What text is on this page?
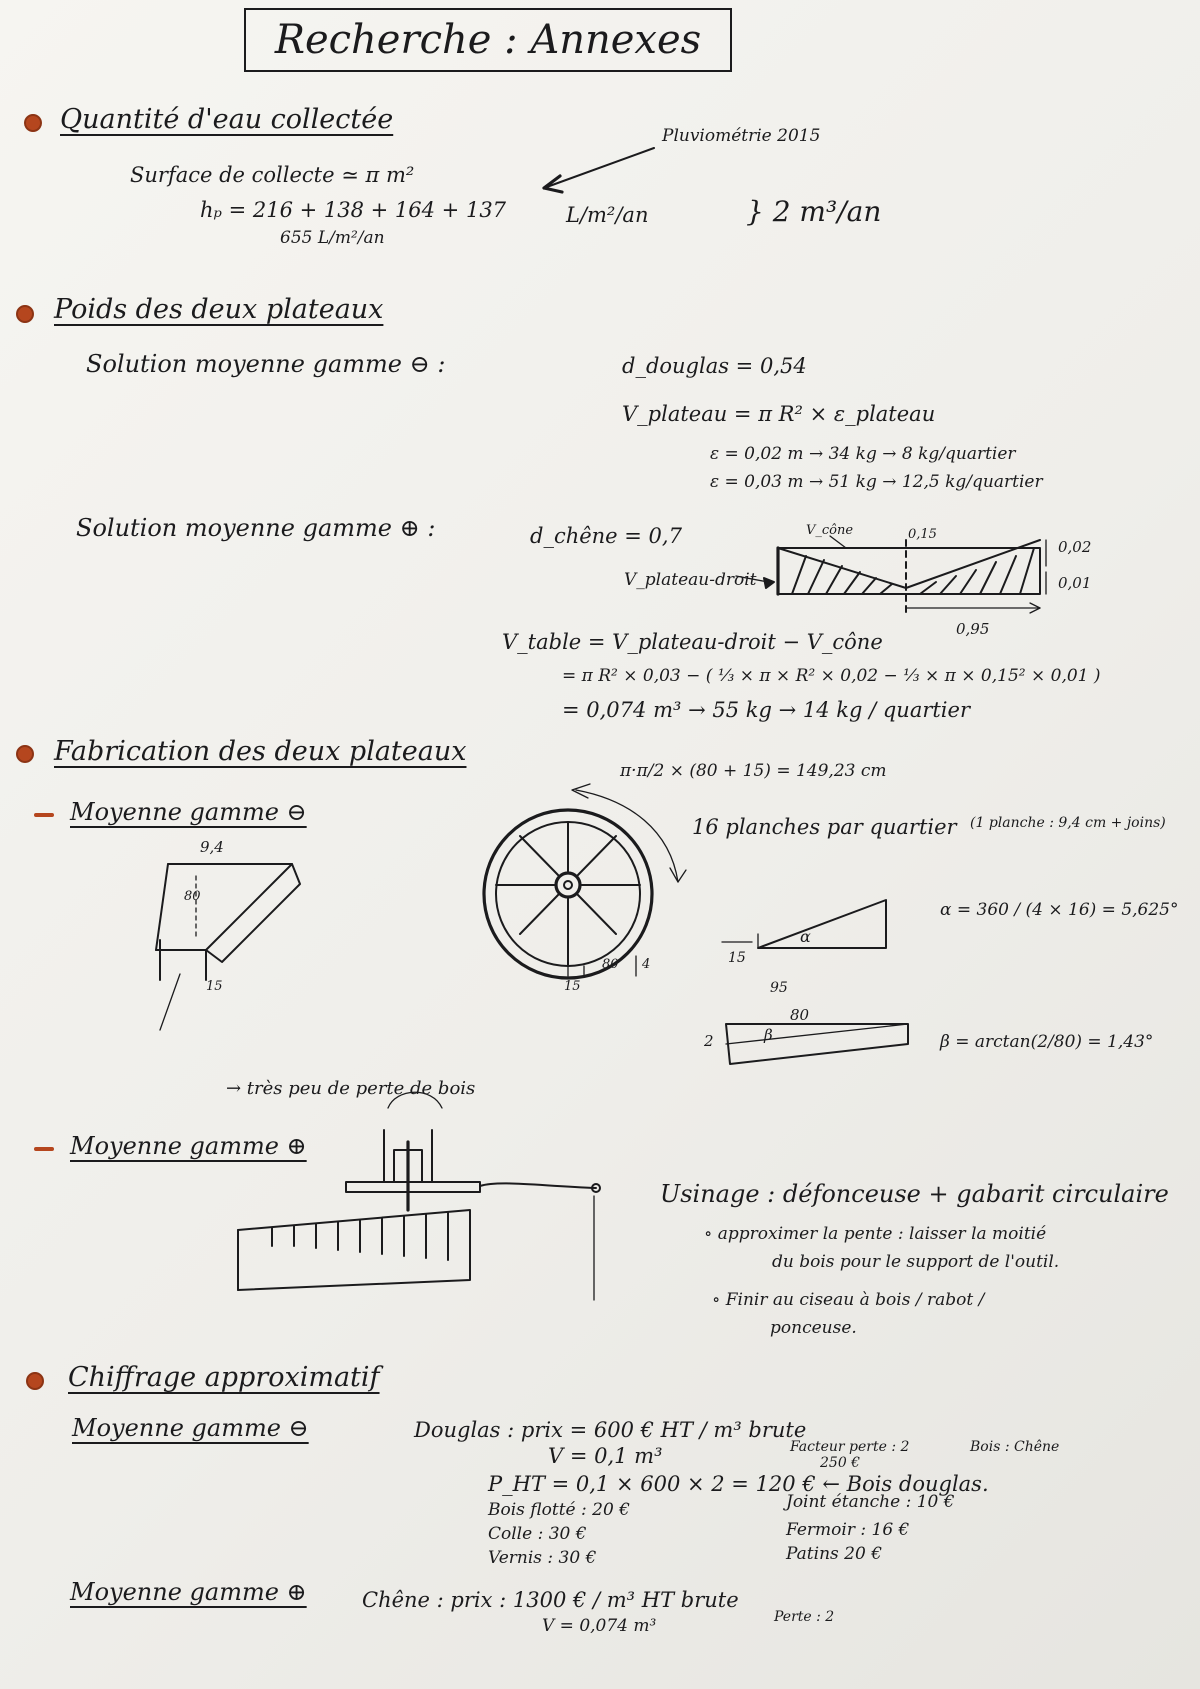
Recherche : Annexes
Quantité d'eau collectée
Pluviométrie 2015
Surface de collecte ≃ π m²
hₚ = 216 + 138 + 164 + 137
655 L/m²/an
L/m²/an	} 2 m³/an
Poids des deux plateaux
Solution moyenne gamme ⊖ :	d_douglas = 0,54
V_plateau = π R² × ε_plateau
ε = 0,02 m → 34 kg → 8 kg/quartier
ε = 0,03 m → 51 kg → 12,5 kg/quartier
Solution moyenne gamme ⊕ :	d_chêne = 0,7
V_plateau-droit
V_cône	0,15
0,02
0,01
0,95
V_table = V_plateau-droit − V_cône
= π R² × 0,03 − ( ⅓ × π × R² × 0,02 − ⅓ × π × 0,15² × 0,01 )
= 0,074 m³ → 55 kg → 14 kg / quartier
Fabrication des deux plateaux
Moyenne gamme ⊖
π·π/2 × (80 + 15) = 149,23 cm
16 planches par quartier (1 planche : 9,4 cm + joins)
α = 360 / (4 × 16) = 5,625°
β = arctan(2/80) = 1,43°
9,4
80
15	15
80 4	15
α
95
2
80
β
→ très peu de perte de bois
Moyenne gamme ⊕
Usinage : défonceuse + gabarit circulaire
∘ approximer la pente : laisser la moitié
du bois pour le support de l'outil.
∘ Finir au ciseau à bois / rabot /
ponceuse.
Chiffrage approximatif
Moyenne gamme ⊖	Douglas : prix = 600 € HT / m³ brute
V = 0,1 m³	Facteur perte : 2	Bois : Chêne
250 €
P_HT = 0,1 × 600 × 2 = 120 € ← Bois douglas.
Bois flotté : 20 €
Colle : 30 €
Vernis : 30 €
Joint étanche : 10 €
Fermoir : 16 €
Patins 20 €
Moyenne gamme ⊕	Chêne : prix : 1300 € / m³ HT brute
V = 0,074 m³	Perte : 2
